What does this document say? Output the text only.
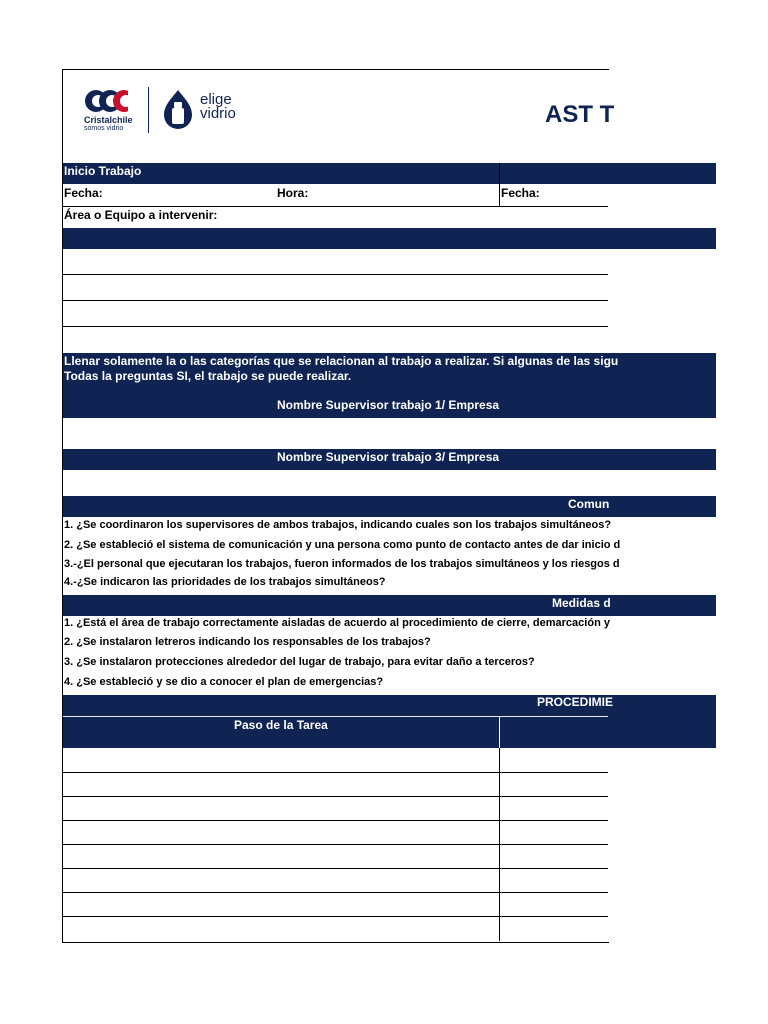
Cristalchile
somos vidrio
elige
vidrio	AST T
Inicio Trabajo
Fecha:	Hora:	Fecha:
Área o Equipo a intervenir:
Llenar solamente la o las categorías que se relacionan al trabajo a realizar. Si algunas de las sigu
Todas la preguntas SI, el trabajo se puede realizar.
Nombre Supervisor trabajo 1/ Empresa
Nombre Supervisor trabajo 3/ Empresa
Comun
1. ¿Se coordinaron los supervisores de ambos trabajos, indicando cuales son los trabajos simultáneos?
2. ¿Se estableció el sistema de comunicación y una persona como punto de contacto antes de dar inicio d
3.-¿El personal que ejecutaran los trabajos, fueron informados de los trabajos simultáneos y los riesgos d
4.-¿Se indicaron las prioridades de los trabajos simultáneos?
Medidas d
1. ¿Está el área de trabajo correctamente aisladas de acuerdo al procedimiento de cierre, demarcación y
2. ¿Se instalaron letreros indicando los responsables de los trabajos?
3. ¿Se instalaron protecciones alrededor del lugar de trabajo, para evitar daño a terceros?
4. ¿Se estableció y se dio a conocer el plan de emergencias?
PROCEDIMIE
Paso de la Tarea
